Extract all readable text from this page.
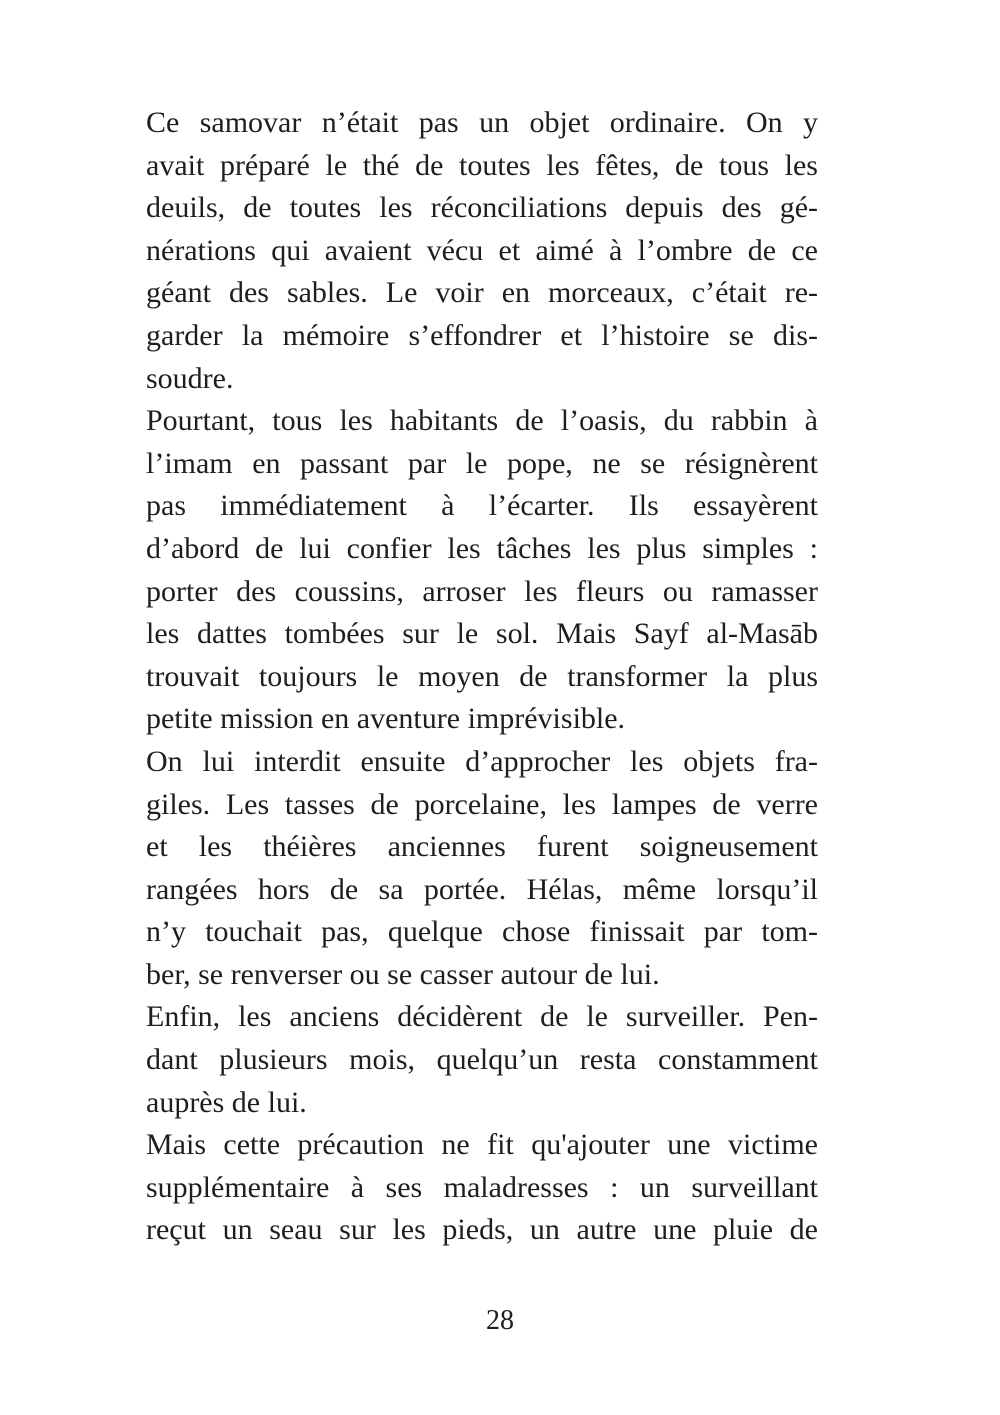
Ce samovar n’était pas un objet ordinaire. On y
avait préparé le thé de toutes les fêtes, de tous les
deuils, de toutes les réconciliations depuis des gé-
nérations qui avaient vécu et aimé à l’ombre de ce
géant des sables. Le voir en morceaux, c’était re-
garder la mémoire s’effondrer et l’histoire se dis-
soudre.
Pourtant, tous les habitants de l’oasis, du rabbin à
l’imam en passant par le pope, ne se résignèrent
pas immédiatement à l’écarter. Ils essayèrent
d’abord de lui confier les tâches les plus simples :
porter des coussins, arroser les fleurs ou ramasser
les dattes tombées sur le sol. Mais Sayf al-Masāb
trouvait toujours le moyen de transformer la plus
petite mission en aventure imprévisible.
On lui interdit ensuite d’approcher les objets fra-
giles. Les tasses de porcelaine, les lampes de verre
et les théières anciennes furent soigneusement
rangées hors de sa portée. Hélas, même lorsqu’il
n’y touchait pas, quelque chose finissait par tom-
ber, se renverser ou se casser autour de lui.
Enfin, les anciens décidèrent de le surveiller. Pen-
dant plusieurs mois, quelqu’un resta constamment
auprès de lui.
Mais cette précaution ne fit qu'ajouter une victime
supplémentaire à ses maladresses : un surveillant
reçut un seau sur les pieds, un autre une pluie de
28
